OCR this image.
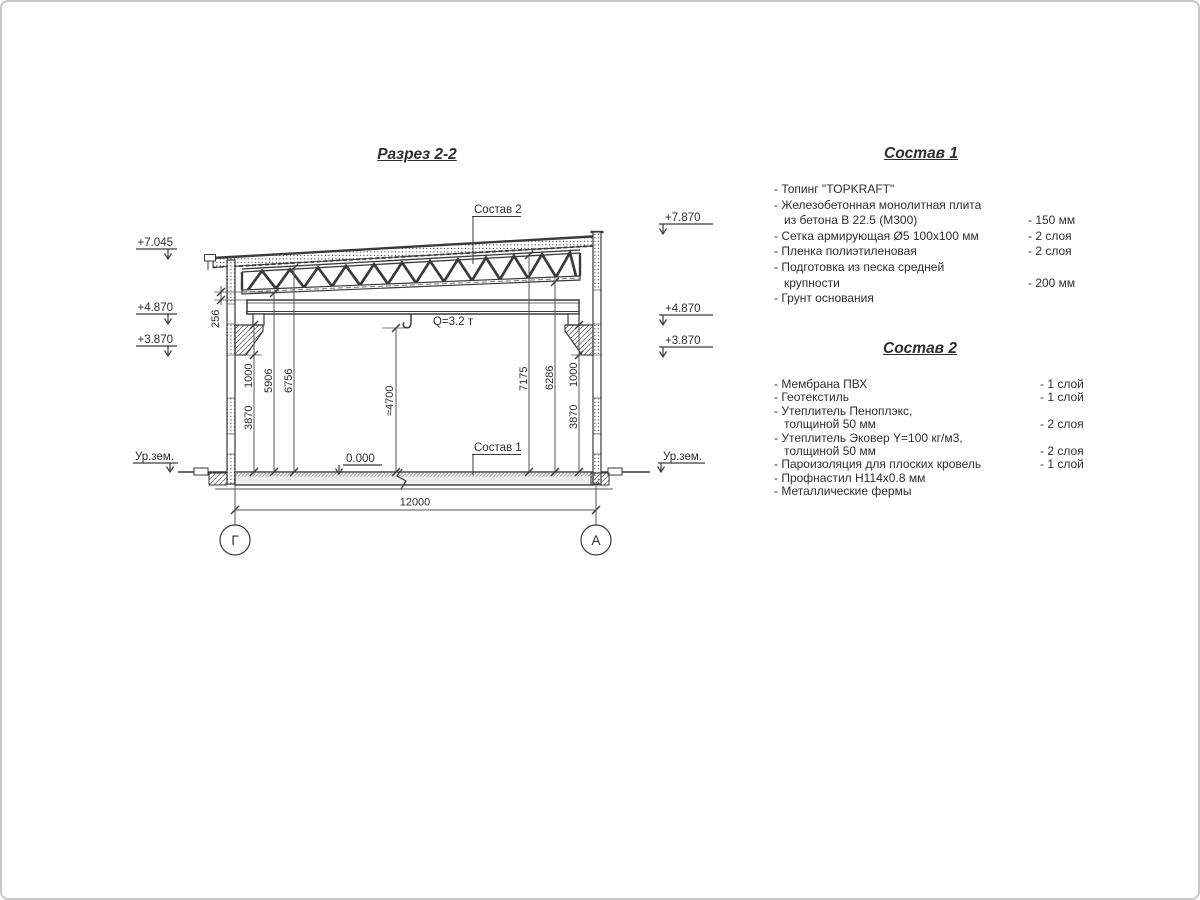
256
1000
3870
5906 6756
≈4700
7175 6286 1000
3870
12000
Г	А
+7.045
+4.870
+3.870
+7.870
+4.870
+3.870
0.000
Ур.зем.	Ур.зем.
Состав 2
Состав 1
Q=3.2 т
Разрез 2-2	Состав 1
Состав 2
- Топинг "TOPKRAFT"
- Железобетонная монолитная плита
из бетона В 22.5 (М300)	- 150 мм
- Сетка армирующая Ø5 100x100 мм	- 2 слоя
- Пленка полиэтиленовая	- 2 слоя
- Подготовка из песка средней
крупности	- 200 мм
- Грунт основания
- Мембрана ПВХ	- 1 слой
- Геотекстиль	- 1 слой
- Утеплитель Пеноплэкс,
толщиной 50 мм	- 2 слоя
- Утеплитель Эковер Y=100 кг/м3,
толщиной 50 мм	- 2 слоя
- Пароизоляция для плоских кровель	- 1 слой
- Профнастил Н114x0.8 мм
- Металлические фермы
